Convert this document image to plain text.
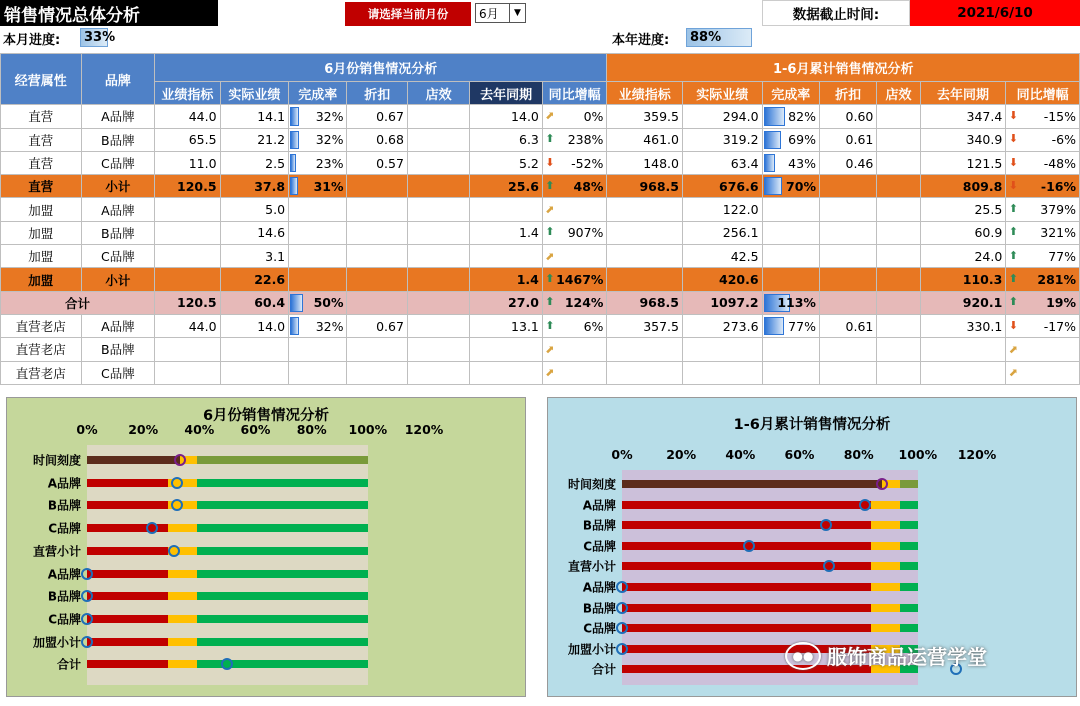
销售情况总体分析	请选择当前月份	6月	▼	数据截止时间:	2021/6/10
本月进度:	33%	本年进度:	88%
经营属性	品牌	6月份销售情况分析							1-6月累计销售情况分析						
		业绩指标	实际业绩	完成率	折扣	店效	去年同期	同比增幅	业绩指标	实际业绩	完成率	折扣	店效	去年同期	同比增幅
直营	A品牌	44.0	14.1	32%	0.67		14.0	⬈ 0%	359.5	294.0	82%	0.60		347.4	⬇ -15%
直营	B品牌	65.5	21.2	32%	0.68		6.3	⬆ 238%	461.0	319.2	69%	0.61		340.9	⬇ -6%
直营	C品牌	11.0	2.5	23%	0.57		5.2	⬇ -52%	148.0	63.4	43%	0.46		121.5	⬇ -48%
直营	小计	120.5	37.8	31%			25.6	⬆ 48%	968.5	676.6	70%			809.8	⬇ -16%
加盟	A品牌		5.0					⬈		122.0				25.5	⬆ 379%
加盟	B品牌		14.6				1.4	⬆ 907%		256.1				60.9	⬆ 321%
加盟	C品牌		3.1					⬈		42.5				24.0	⬆ 77%
加盟	小计		22.6				1.4	⬆ 1467%		420.6				110.3	⬆ 281%
合计		120.5	60.4	50%			27.0	⬆ 124%	968.5	1097.2	113%			920.1	⬆ 19%
直营老店	A品牌	44.0	14.0	32%	0.67		13.1	⬆ 6%	357.5	273.6	77%	0.61		330.1	⬇ -17%
直营老店	B品牌							⬈							⬈

直营老店	C品牌							⬈							⬈
6月份销售情况分析
0% 20% 40% 60% 80% 100% 120%
时间刻度
A品牌
B品牌
C品牌
直营小计
A品牌
B品牌
C品牌
加盟小计
合计
1-6月累计销售情况分析
0%	20% 40% 60% 80% 100% 120%
时间刻度
A品牌
B品牌
C品牌
直营小计
A品牌
B品牌
C品牌
加盟小计
合计
●● 服饰商品运营学堂
